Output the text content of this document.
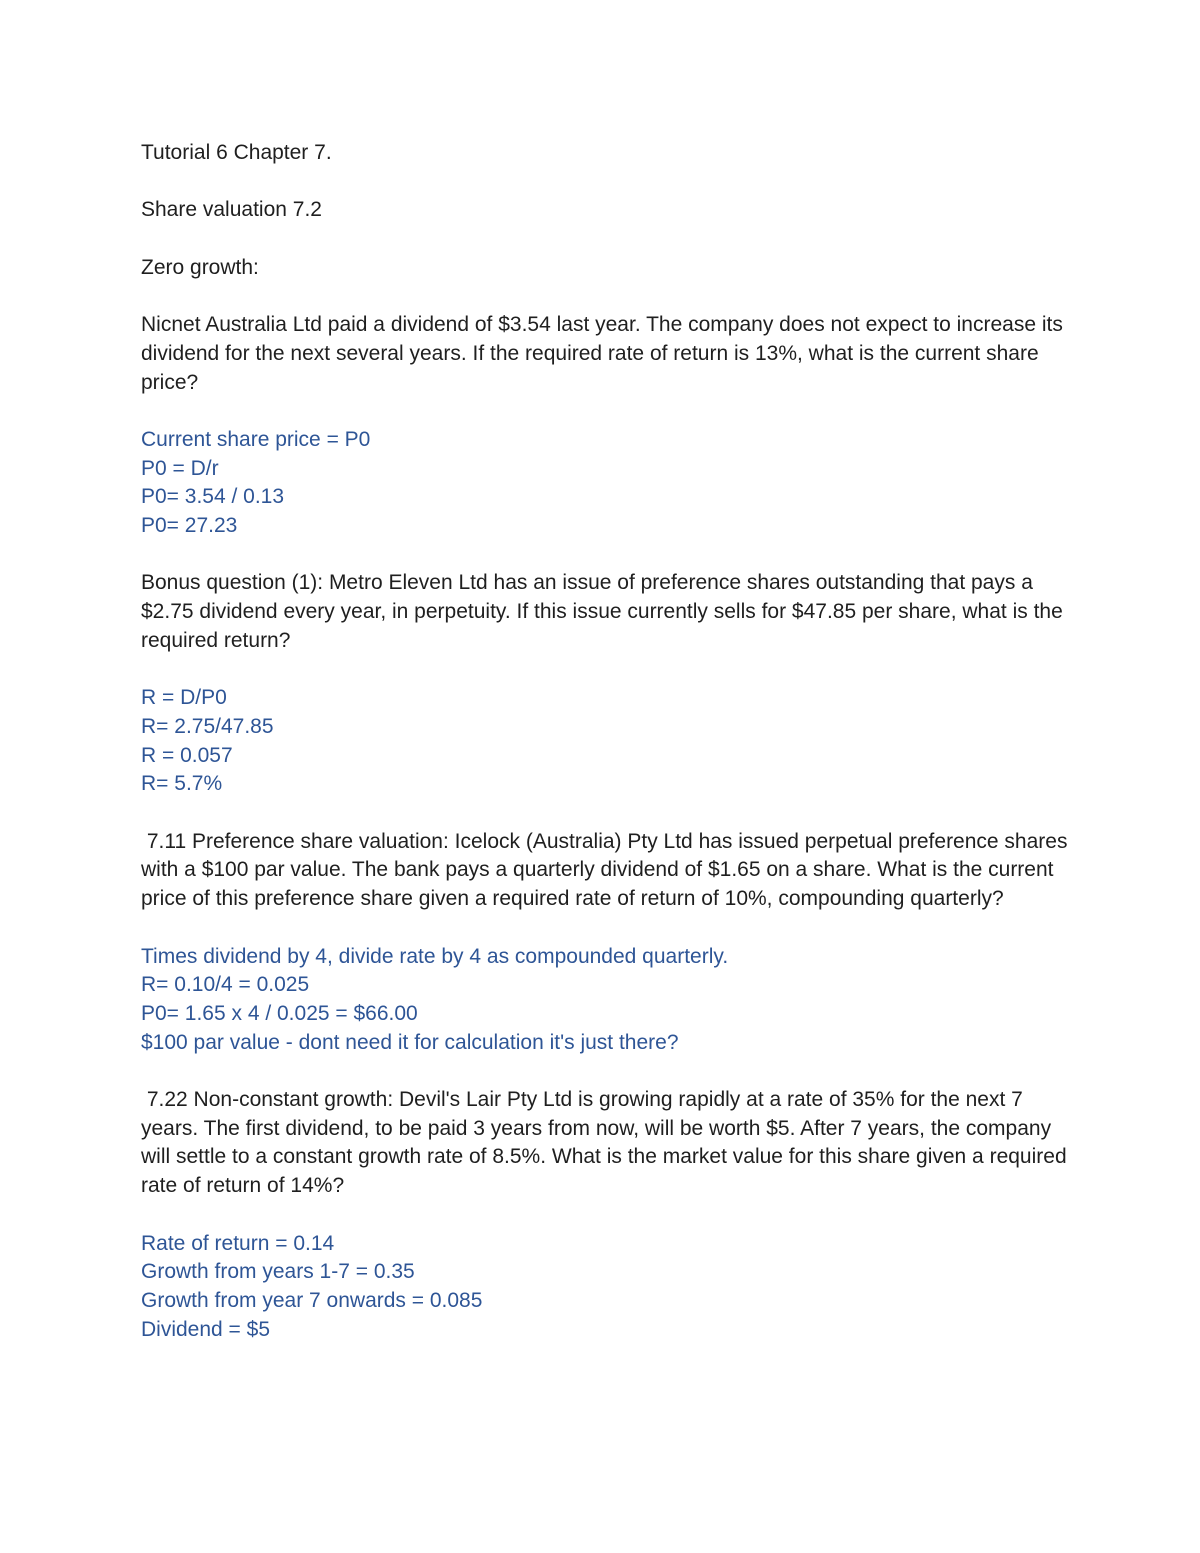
Tutorial 6 Chapter 7.

Share valuation 7.2

Zero growth:

Nicnet Australia Ltd paid a dividend of $3.54 last year. The company does not expect to increase its dividend for the next several years. If the required rate of return is 13%, what is the current share price?

Current share price = P0

P0 = D/r

P0= 3.54 / 0.13

P0= 27.23

Bonus question (1): Metro Eleven Ltd has an issue of preference shares outstanding that pays a $2.75 dividend every year, in perpetuity. If this issue currently sells for $47.85 per share, what is the required return?

R = D/P0

R= 2.75/47.85

R = 0.057

R= 5.7%

7.11 Preference share valuation: Icelock (Australia) Pty Ltd has issued perpetual preference shares with a $100 par value. The bank pays a quarterly dividend of $1.65 on a share. What is the current price of this preference share given a required rate of return of 10%, compounding quarterly?

Times dividend by 4, divide rate by 4 as compounded quarterly.

R= 0.10/4 = 0.025

P0= 1.65 x 4 / 0.025 = $66.00

$100 par value - dont need it for calculation it's just there?

7.22 Non-constant growth: Devil's Lair Pty Ltd is growing rapidly at a rate of 35% for the next 7 years. The first dividend, to be paid 3 years from now, will be worth $5. After 7 years, the company will settle to a constant growth rate of 8.5%. What is the market value for this share given a required rate of return of 14%?

Rate of return = 0.14

Growth from years 1-7 = 0.35

Growth from year 7 onwards = 0.085

Dividend = $5
